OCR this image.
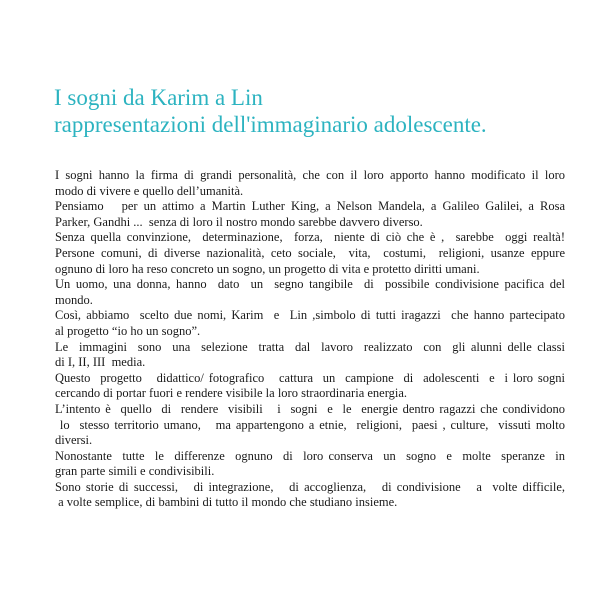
I sogni da Karim a Lin
rappresentazioni dell'immaginario adolescente.
I sogni hanno la firma di grandi personalità, che con il loro apporto hanno modificato il loro
modo di vivere e quello dell’umanità.
Pensiamo   per un attimo a Martin Luther King, a Nelson Mandela, a Galileo Galilei, a Rosa
Parker, Gandhi ...  senza di loro il nostro mondo sarebbe davvero diverso.
Senza quella convinzione,  determinazione,  forza,  niente di ciò che è ,  sarebbe  oggi realtà!
Persone comuni, di diverse nazionalità, ceto sociale,  vita,  costumi,  religioni, usanze eppure
ognuno di loro ha reso concreto un sogno, un progetto di vita e protetto diritti umani.
Un uomo, una donna, hanno  dato  un  segno tangibile  di  possibile condivisione pacifica del
mondo.
Così, abbiamo  scelto due nomi, Karim  e  Lin ,simbolo di tutti iragazzi  che hanno partecipato
al progetto “io ho un sogno”.
Le  immagini  sono  una  selezione  tratta  dal  lavoro  realizzato  con  gli alunni delle classi
di I, II, III  media.
Questo  progetto   didattico/ fotografico   cattura  un  campione  di  adolescenti  e  i loro sogni
cercando di portar fuori e rendere visibile la loro straordinaria energia.
L’intento è  quello  di  rendere  visibili   i  sogni  e  le  energie dentro ragazzi che condividono
lo  stesso territorio umano,   ma appartengono a etnie,  religioni,  paesi , culture,  vissuti molto
diversi.
Nonostante  tutte  le  differenze  ognuno  di  loro conserva  un  sogno  e  molte  speranze  in
gran parte simili e condivisibili.
Sono storie di successi,   di integrazione,   di accoglienza,   di condivisione   a  volte difficile,
a volte semplice, di bambini di tutto il mondo che studiano insieme.
